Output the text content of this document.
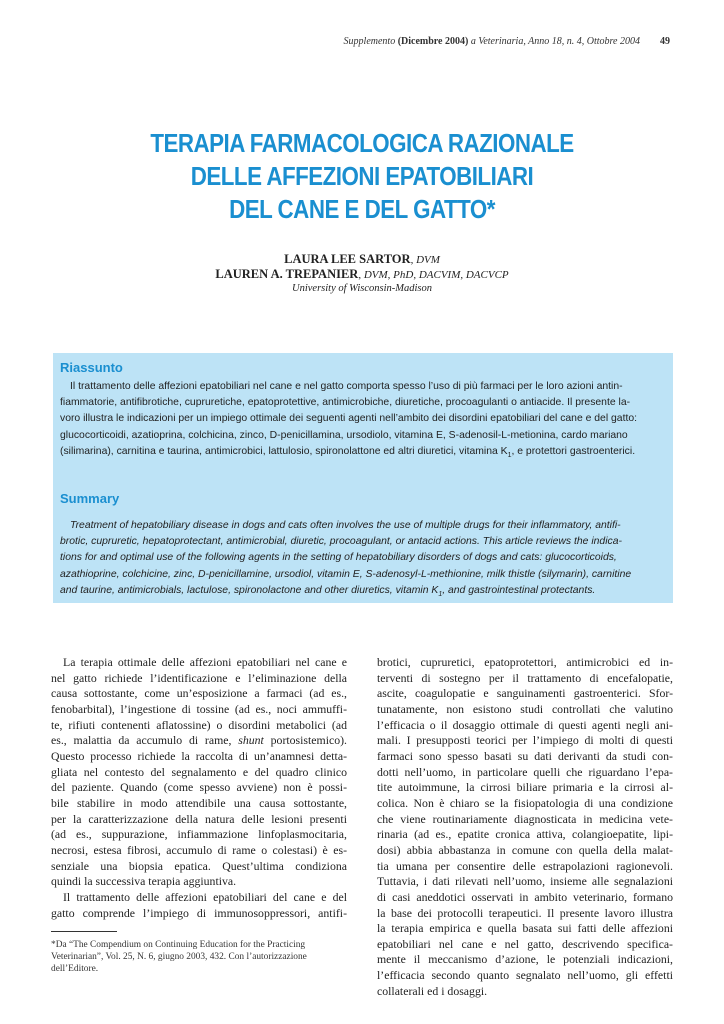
Supplemento (Dicembre 2004) a Veterinaria, Anno 18, n. 4, Ottobre 2004 49
TERAPIA FARMACOLOGICA RAZIONALE
DELLE AFFEZIONI EPATOBILIARI
DEL CANE E DEL GATTO*
LAURA LEE SARTOR, DVM
LAUREN A. TREPANIER, DVM, PhD, DACVIM, DACVCP
University of Wisconsin-Madison
Riassunto
Il trattamento delle affezioni epatobiliari nel cane e nel gatto comporta spesso l’uso di più farmaci per le loro azioni antin-
fiammatorie, antifibrotiche, cupruretiche, epatoprotettive, antimicrobiche, diuretiche, procoagulanti o antiacide. Il presente la-
voro illustra le indicazioni per un impiego ottimale dei seguenti agenti nell’ambito dei disordini epatobiliari del cane e del gatto:
glucocorticoidi, azatioprina, colchicina, zinco, D-penicillamina, ursodiolo, vitamina E, S-adenosil-L-metionina, cardo mariano
(silimarina), carnitina e taurina, antimicrobici, lattulosio, spironolattone ed altri diuretici, vitamina $K_1$, e protettori gastroenterici.
Summary
Treatment of hepatobiliary disease in dogs and cats often involves the use of multiple drugs for their inflammatory, antifi-
brotic, cupruretic, hepatoprotectant, antimicrobial, diuretic, procoagulant, or antacid actions. This article reviews the indica-
tions for and optimal use of the following agents in the setting of hepatobiliary disorders of dogs and cats: glucocorticoids,
azathioprine, colchicine, zinc, D-penicillamine, ursodiol, vitamin E, S-adenosyl-L-methionine, milk thistle (silymarin), carnitine
and taurine, antimicrobials, lactulose, spironolactone and other diuretics, vitamin $K_1$, and gastrointestinal protectants.
La terapia ottimale delle affezioni epatobiliari nel cane e
nel gatto richiede l’identificazione e l’eliminazione della
causa sottostante, come un’esposizione a farmaci (ad es.,
fenobarbital), l’ingestione di tossine (ad es., noci ammuffi-
te, rifiuti contenenti aflatossine) o disordini metabolici (ad
es., malattia da accumulo di rame, shunt portosistemico).
Questo processo richiede la raccolta di un’anamnesi detta-
gliata nel contesto del segnalamento e del quadro clinico
del paziente. Quando (come spesso avviene) non è possi-
bile stabilire in modo attendibile una causa sottostante,
per la caratterizzazione della natura delle lesioni presenti
(ad es., suppurazione, infiammazione linfoplasmocitaria,
necrosi, estesa fibrosi, accumulo di rame o colestasi) è es-
senziale una biopsia epatica. Quest’ultima condiziona
quindi la successiva terapia aggiuntiva.
Il trattamento delle affezioni epatobiliari del cane e del
gatto comprende l’impiego di immunosoppressori, antifi-
brotici, cupruretici, epatoprotettori, antimicrobici ed in-
terventi di sostegno per il trattamento di encefalopatie,
ascite, coagulopatie e sanguinamenti gastroenterici. Sfor-
tunatamente, non esistono studi controllati che valutino
l’efficacia o il dosaggio ottimale di questi agenti negli ani-
mali. I presupposti teorici per l’impiego di molti di questi
farmaci sono spesso basati su dati derivanti da studi con-
dotti nell’uomo, in particolare quelli che riguardano l’epa-
tite autoimmune, la cirrosi biliare primaria e la cirrosi al-
colica. Non è chiaro se la fisiopatologia di una condizione
che viene routinariamente diagnosticata in medicina vete-
rinaria (ad es., epatite cronica attiva, colangioepatite, lipi-
dosi) abbia abbastanza in comune con quella della malat-
tia umana per consentire delle estrapolazioni ragionevoli.
Tuttavia, i dati rilevati nell’uomo, insieme alle segnalazioni
di casi aneddotici osservati in ambito veterinario, formano
la base dei protocolli terapeutici. Il presente lavoro illustra
la terapia empirica e quella basata sui fatti delle affezioni
epatobiliari nel cane e nel gatto, descrivendo specifica-
mente il meccanismo d’azione, le potenziali indicazioni,
l’efficacia secondo quanto segnalato nell’uomo, gli effetti
collaterali ed i dosaggi.
*Da “The Compendium on Continuing Education for the Practicing
Veterinarian”, Vol. 25, N. 6, giugno 2003, 432. Con l’autorizzazione
dell’Editore.
